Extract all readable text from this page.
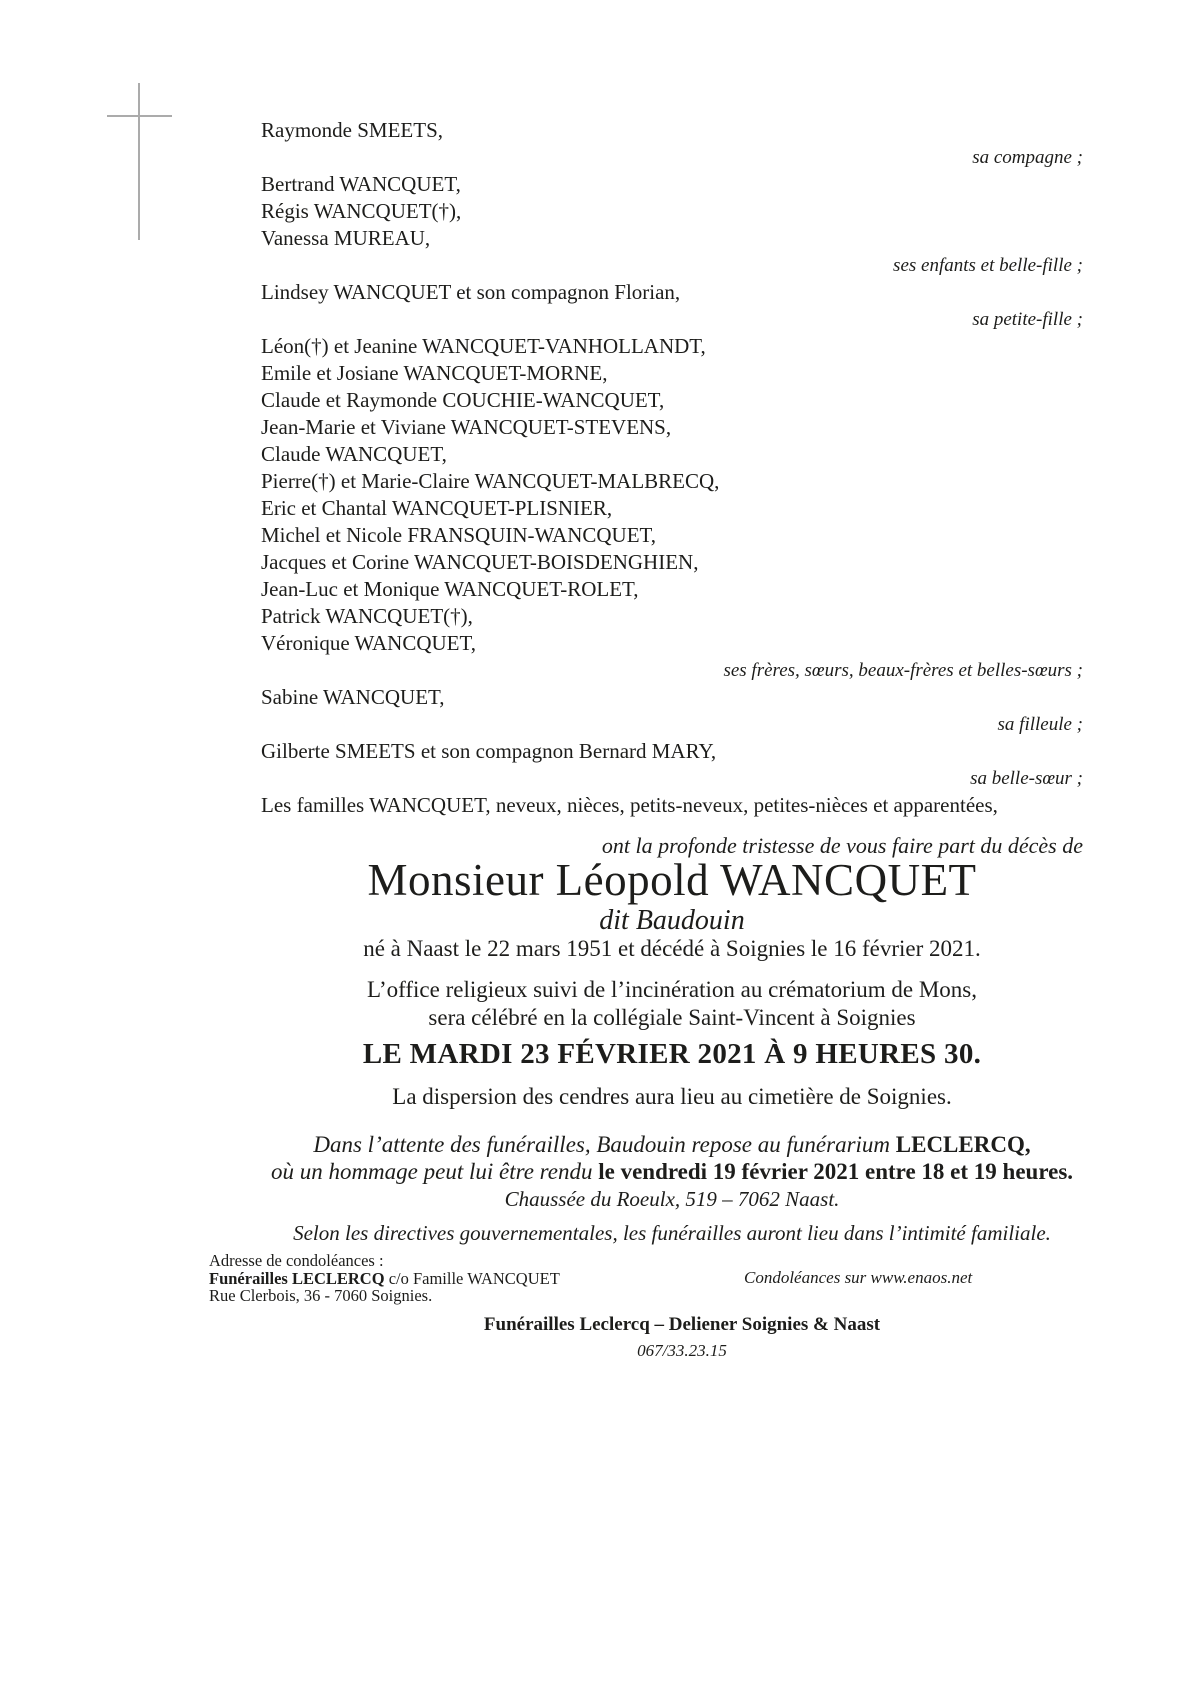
Raymonde SMEETS,
sa compagne ;
Bertrand WANCQUET,
Régis WANCQUET(†),
Vanessa MUREAU,
ses enfants et belle-fille ;
Lindsey WANCQUET et son compagnon Florian,
sa petite-fille ;
Léon(†) et Jeanine WANCQUET-VANHOLLANDT,
Emile et Josiane WANCQUET-MORNE,
Claude et Raymonde COUCHIE-WANCQUET,
Jean-Marie et Viviane WANCQUET-STEVENS,
Claude WANCQUET,
Pierre(†) et Marie-Claire WANCQUET-MALBRECQ,
Eric et Chantal WANCQUET-PLISNIER,
Michel et Nicole FRANSQUIN-WANCQUET,
Jacques et Corine WANCQUET-BOISDENGHIEN,
Jean-Luc et Monique WANCQUET-ROLET,
Patrick WANCQUET(†),
Véronique WANCQUET,
ses frères, sœurs, beaux-frères et belles-sœurs ;
Sabine WANCQUET,
sa filleule ;
Gilberte SMEETS et son compagnon Bernard MARY,
sa belle-sœur ;
Les familles WANCQUET, neveux, nièces, petits-neveux, petites-nièces et apparentées,
ont la profonde tristesse de vous faire part du décès de
Monsieur Léopold WANCQUET
dit Baudouin
né à Naast le 22 mars 1951 et décédé à Soignies le 16 février 2021.
L’office religieux suivi de l’incinération au crématorium de Mons,
sera célébré en la collégiale Saint-Vincent à Soignies
LE MARDI 23 FÉVRIER 2021 À 9 HEURES 30.
La dispersion des cendres aura lieu au cimetière de Soignies.
Dans l’attente des funérailles, Baudouin repose au funérarium LECLERCQ,
où un hommage peut lui être rendu le vendredi 19 février 2021 entre 18 et 19 heures.
Chaussée du Roeulx, 519 – 7062 Naast.
Selon les directives gouvernementales, les funérailles auront lieu dans l’intimité familiale.
Adresse de condoléances :
Funérailles LECLERCQ c/o Famille WANCQUET
Rue Clerbois, 36 - 7060 Soignies.
Condoléances sur www.enaos.net
Funérailles Leclercq – Deliener Soignies & Naast
067/33.23.15
